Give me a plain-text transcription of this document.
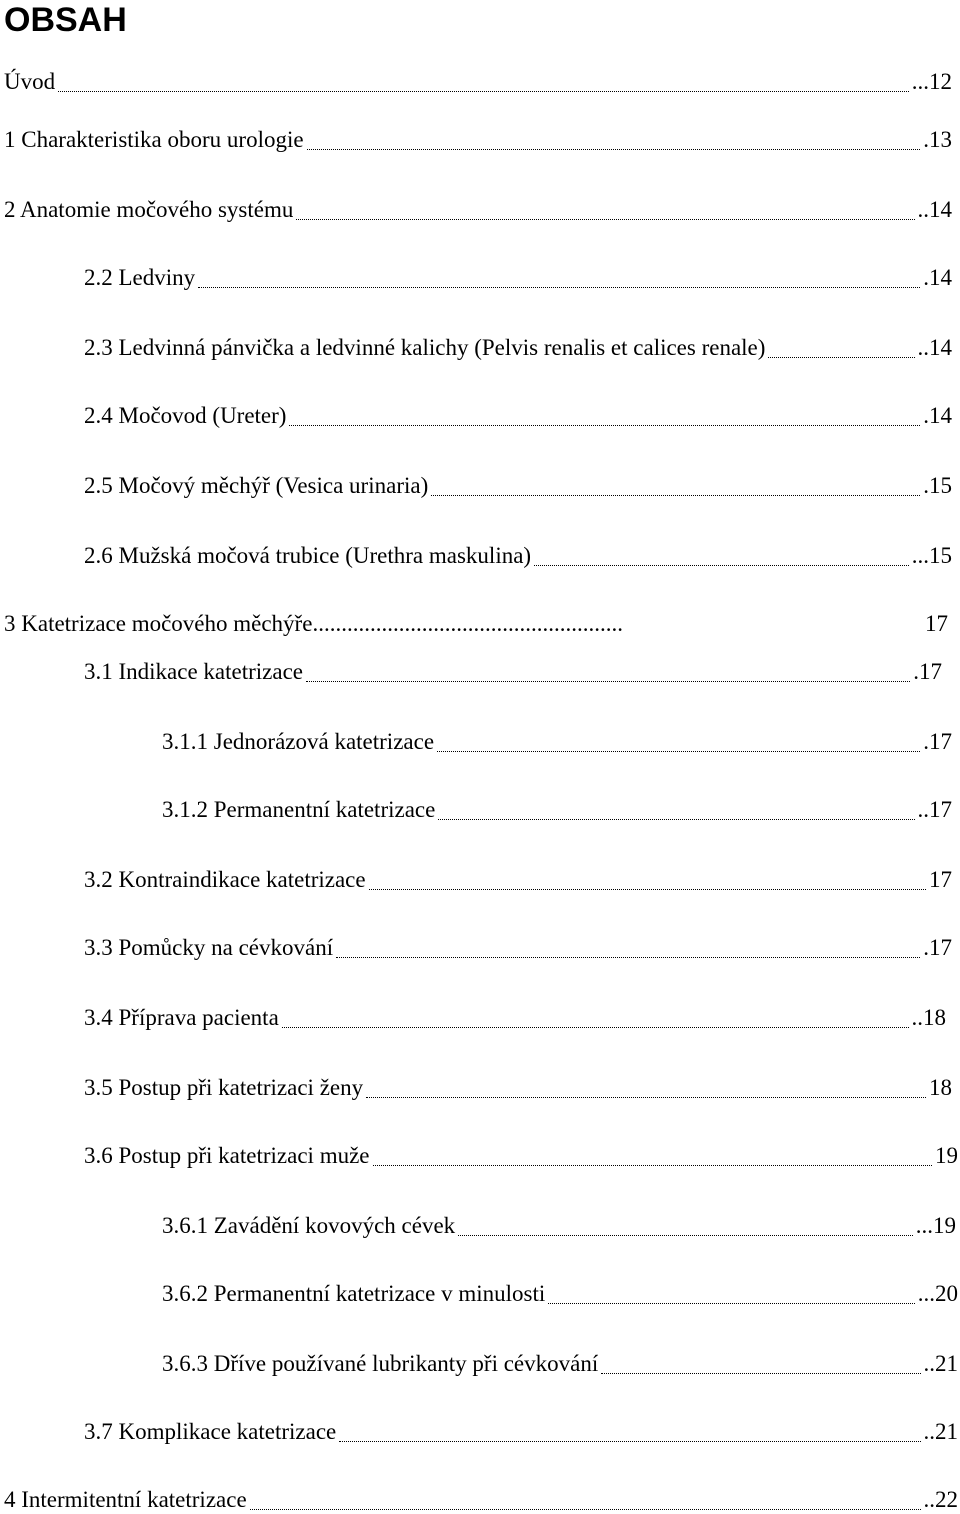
OBSAH
Úvod	...12
1 Charakteristika oboru urologie	.13
2 Anatomie močového systému	..14
2.2 Ledviny	.14
2.3 Ledvinná pánvička a ledvinné kalichy (Pelvis renalis et calices renale)	..14
2.4 Močovod (Ureter)	.14
2.5 Močový měchýř (Vesica urinaria)	.15
2.6 Mužská močová trubice (Urethra maskulina)	...15
3 Katetrizace močového měchýře ......................................................	17
3.1 Indikace katetrizace	.17
3.1.1 Jednorázová katetrizace	.17
3.1.2 Permanentní katetrizace	..17
3.2 Kontraindikace katetrizace	17
3.3 Pomůcky na cévkování	.17
3.4 Příprava pacienta	..18
3.5 Postup při katetrizaci ženy	18
3.6 Postup při katetrizaci muže	19
3.6.1 Zavádění kovových cévek	...19
3.6.2 Permanentní katetrizace v minulosti	...20
3.6.3 Dříve používané lubrikanty při cévkování	..21
3.7 Komplikace katetrizace	..21
4 Intermitentní katetrizace	..22
